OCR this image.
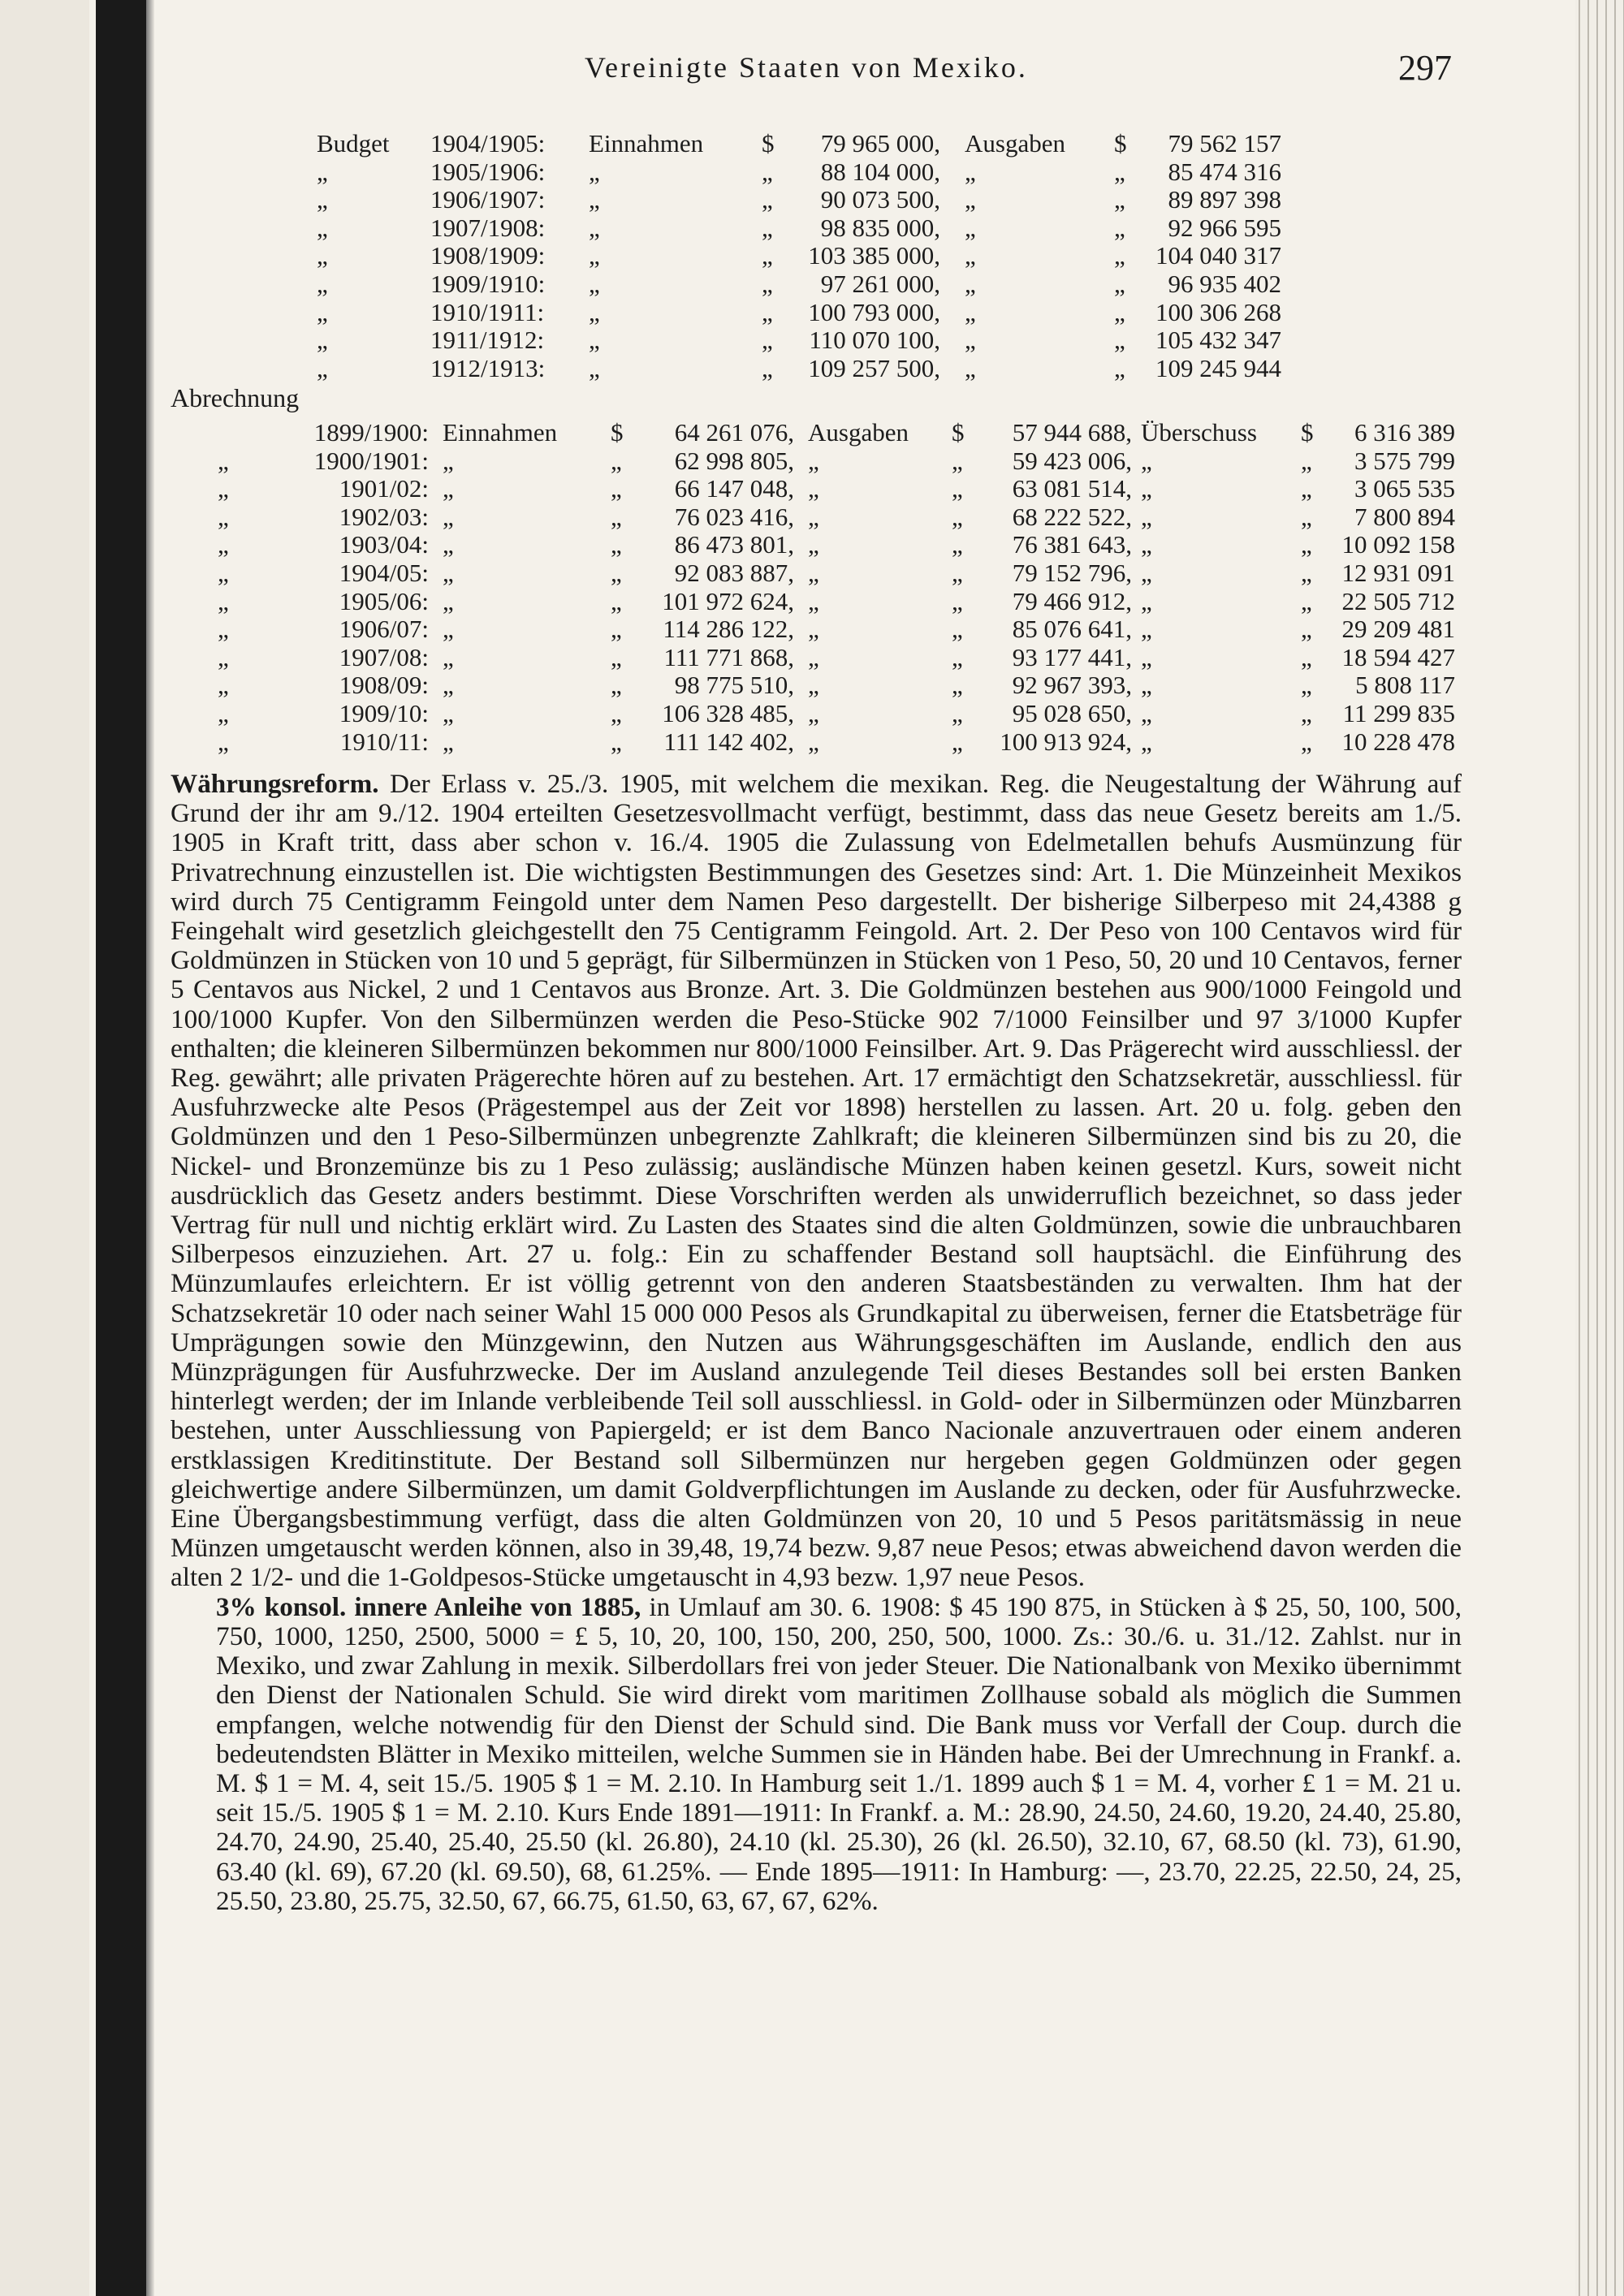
Vereinigte Staaten von Mexiko.	297
Budget 1904/1905: Einnahmen $	79 965 000, Ausgaben $	79 562 157
„	1905/1906: „	„	88 104 000, „	„	85 474 316
„	1906/1907: „	„	90 073 500, „	„	89 897 398
„	1907/1908: „	„	98 835 000, „	„	92 966 595
„	1908/1909: „	„	103 385 000, „	„	104 040 317
„	1909/1910: „	„	97 261 000, „	„	96 935 402
„	1910/1911: „	„	100 793 000, „	„	100 306 268
„	1911/1912: „	„	110 070 100, „	„	105 432 347
„	1912/1913: „	„	109 257 500, „	„	109 245 944
Abrechnung
1899/1900: Einnahmen $	64 261 076, Ausgaben $	57 944 688, Überschuss $	6 316 389
„	1900/1901: „	„	62 998 805, „	„	59 423 006, „	„	3 575 799
„	1901/02: „	„	66 147 048, „	„	63 081 514, „	„	3 065 535
„	1902/03: „	„	76 023 416, „	„	68 222 522, „	„	7 800 894
„	1903/04: „	„	86 473 801, „	„	76 381 643, „	„	10 092 158
„	1904/05: „	„	92 083 887, „	„	79 152 796, „	„	12 931 091
„	1905/06: „	„	101 972 624, „	„	79 466 912, „	„	22 505 712
„	1906/07: „	„	114 286 122, „	„	85 076 641, „	„	29 209 481
„	1907/08: „	„	111 771 868, „	„	93 177 441, „	„	18 594 427
„	1908/09: „	„	98 775 510, „	„	92 967 393, „	„	5 808 117
„	1909/10: „	„	106 328 485, „	„	95 028 650, „	„	11 299 835
„	1910/11: „	„	111 142 402, „	„	100 913 924, „	„	10 228 478

Währungsreform. Der Erlass v. 25./3. 1905, mit welchem die mexikan. Reg. die Neugestaltung der Währung auf Grund der ihr am 9./12. 1904 erteilten Gesetzesvollmacht verfügt, bestimmt, dass das neue Gesetz bereits am 1./5. 1905 in Kraft tritt, dass aber schon v. 16./4. 1905 die Zulassung von Edelmetallen behufs Ausmünzung für Privatrechnung einzustellen ist. Die wichtigsten Bestimmungen des Gesetzes sind: Art. 1. Die Münzeinheit Mexikos wird durch 75 Centigramm Feingold unter dem Namen Peso dargestellt. Der bisherige Silberpeso mit 24,4388 g Feingehalt wird gesetzlich gleichgestellt den 75 Centigramm Feingold. Art. 2. Der Peso von 100 Centavos wird für Goldmünzen in Stücken von 10 und 5 geprägt, für Silbermünzen in Stücken von 1 Peso, 50, 20 und 10 Centavos, ferner 5 Centavos aus Nickel, 2 und 1 Centavos aus Bronze. Art. 3. Die Goldmünzen bestehen aus 900/1000 Feingold und 100/1000 Kupfer. Von den Silbermünzen werden die Peso-Stücke 902 7/1000 Feinsilber und 97 3/1000 Kupfer enthalten; die kleineren Silbermünzen bekommen nur 800/1000 Feinsilber. Art. 9. Das Prägerecht wird ausschliessl. der Reg. gewährt; alle privaten Prägerechte hören auf zu bestehen. Art. 17 ermächtigt den Schatzsekretär, ausschliessl. für Ausfuhrzwecke alte Pesos (Prägestempel aus der Zeit vor 1898) herstellen zu lassen. Art. 20 u. folg. geben den Goldmünzen und den 1 Peso-Silbermünzen unbegrenzte Zahlkraft; die kleineren Silbermünzen sind bis zu 20, die Nickel- und Bronzemünze bis zu 1 Peso zulässig; ausländische Münzen haben keinen gesetzl. Kurs, soweit nicht ausdrücklich das Gesetz anders bestimmt. Diese Vorschriften werden als unwiderruflich bezeichnet, so dass jeder Vertrag für null und nichtig erklärt wird. Zu Lasten des Staates sind die alten Goldmünzen, sowie die unbrauchbaren Silberpesos einzuziehen. Art. 27 u. folg.: Ein zu schaffender Bestand soll hauptsächl. die Einführung des Münzumlaufes erleichtern. Er ist völlig getrennt von den anderen Staatsbeständen zu verwalten. Ihm hat der Schatzsekretär 10 oder nach seiner Wahl 15 000 000 Pesos als Grundkapital zu überweisen, ferner die Etatsbeträge für Umprägungen sowie den Münzgewinn, den Nutzen aus Währungsgeschäften im Auslande, endlich den aus Münzprägungen für Ausfuhrzwecke. Der im Ausland anzulegende Teil dieses Bestandes soll bei ersten Banken hinterlegt werden; der im Inlande verbleibende Teil soll ausschliessl. in Gold- oder in Silbermünzen oder Münzbarren bestehen, unter Ausschliessung von Papiergeld; er ist dem Banco Nacionale anzuvertrauen oder einem anderen erstklassigen Kreditinstitute. Der Bestand soll Silbermünzen nur hergeben gegen Goldmünzen oder gegen gleichwertige andere Silbermünzen, um damit Goldverpflichtungen im Auslande zu decken, oder für Ausfuhrzwecke. Eine Übergangsbestimmung verfügt, dass die alten Goldmünzen von 20, 10 und 5 Pesos paritätsmässig in neue Münzen umgetauscht werden können, also in 39,48, 19,74 bezw. 9,87 neue Pesos; etwas abweichend davon werden die alten 2 1/2- und die 1-Goldpesos-Stücke umgetauscht in 4,93 bezw. 1,97 neue Pesos.

3% konsol. innere Anleihe von 1885, in Umlauf am 30. 6. 1908: $ 45 190 875, in Stücken à $ 25, 50, 100, 500, 750, 1000, 1250, 2500, 5000 = £ 5, 10, 20, 100, 150, 200, 250, 500, 1000. Zs.: 30./6. u. 31./12. Zahlst. nur in Mexiko, und zwar Zahlung in mexik. Silberdollars frei von jeder Steuer. Die Nationalbank von Mexiko übernimmt den Dienst der Nationalen Schuld. Sie wird direkt vom maritimen Zollhause sobald als möglich die Summen empfangen, welche notwendig für den Dienst der Schuld sind. Die Bank muss vor Verfall der Coup. durch die bedeutendsten Blätter in Mexiko mitteilen, welche Summen sie in Händen habe. Bei der Umrechnung in Frankf. a. M. $ 1 = M. 4, seit 15./5. 1905 $ 1 = M. 2.10. In Hamburg seit 1./1. 1899 auch $ 1 = M. 4, vorher £ 1 = M. 21 u. seit 15./5. 1905 $ 1 = M. 2.10. Kurs Ende 1891—1911: In Frankf. a. M.: 28.90, 24.50, 24.60, 19.20, 24.40, 25.80, 24.70, 24.90, 25.40, 25.40, 25.50 (kl. 26.80), 24.10 (kl. 25.30), 26 (kl. 26.50), 32.10, 67, 68.50 (kl. 73), 61.90, 63.40 (kl. 69), 67.20 (kl. 69.50), 68, 61.25%. — Ende 1895—1911: In Hamburg: —, 23.70, 22.25, 22.50, 24, 25, 25.50, 23.80, 25.75, 32.50, 67, 66.75, 61.50, 63, 67, 67, 62%.
